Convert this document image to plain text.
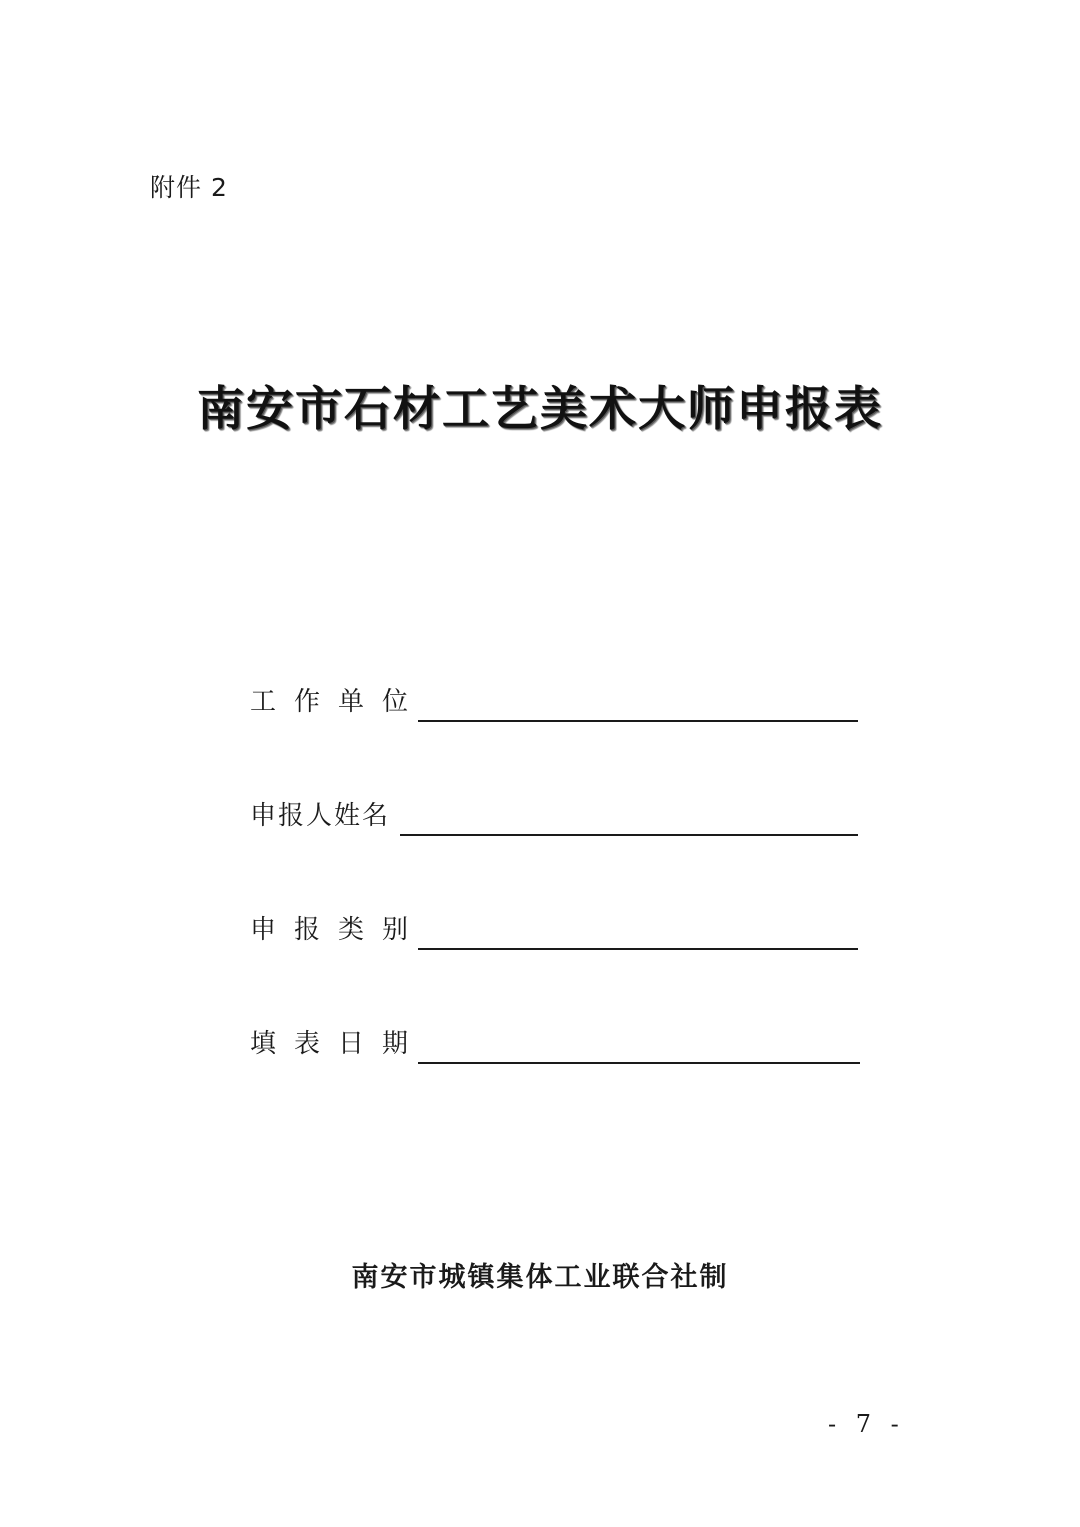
附件 2
南安市石材工艺美术大师申报表
工作单位
申报人姓名
申报类别
填表日期
南安市城镇集体工业联合社制
- 7 -
